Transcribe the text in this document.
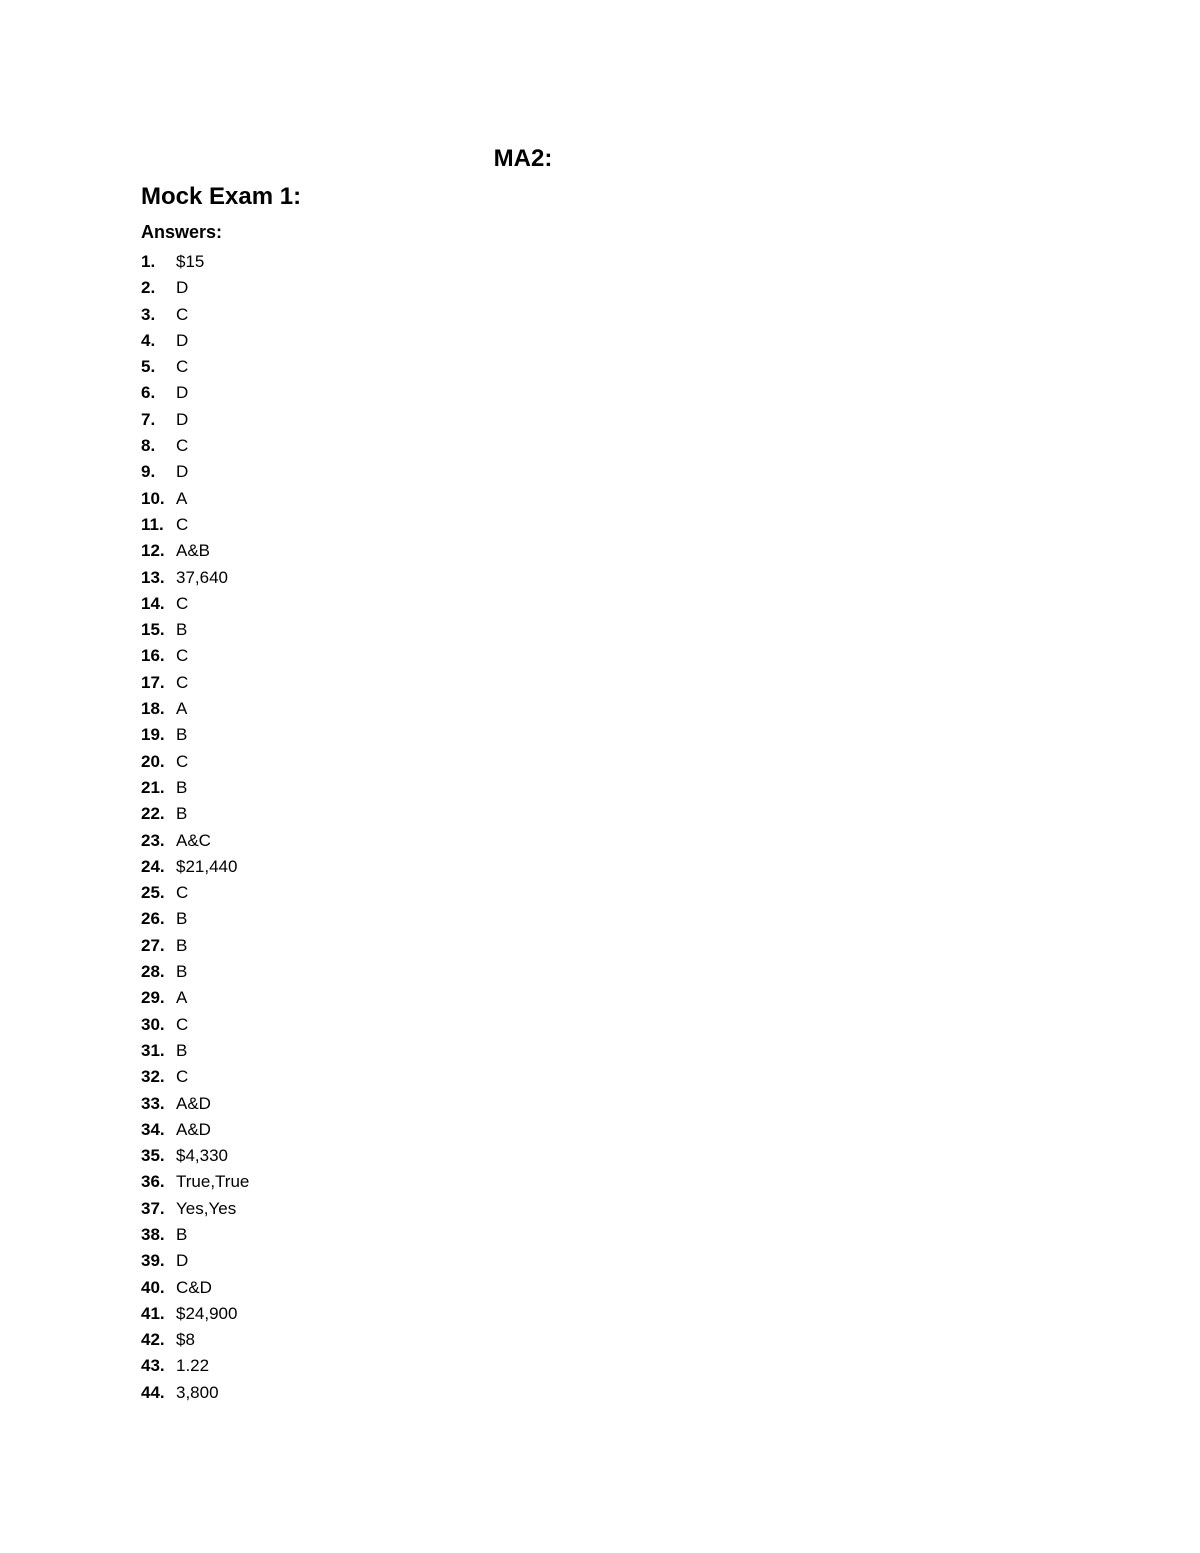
MA2:
Mock Exam 1:
Answers:
1.	$15
2.	D
3.	C
4.	D
5.	C
6.	D
7.	D
8.	C
9.	D
10. A
11. C
12. A&B
13. 37,640
14. C
15. B
16. C
17. C
18. A
19. B
20. C
21. B
22. B
23. A&C
24. $21,440
25. C
26. B
27. B
28. B
29. A
30. C
31. B
32. C
33. A&D
34. A&D
35. $4,330
36. True,True
37. Yes,Yes
38. B
39. D
40. C&D
41. $24,900
42. $8
43. 1.22
44. 3,800
